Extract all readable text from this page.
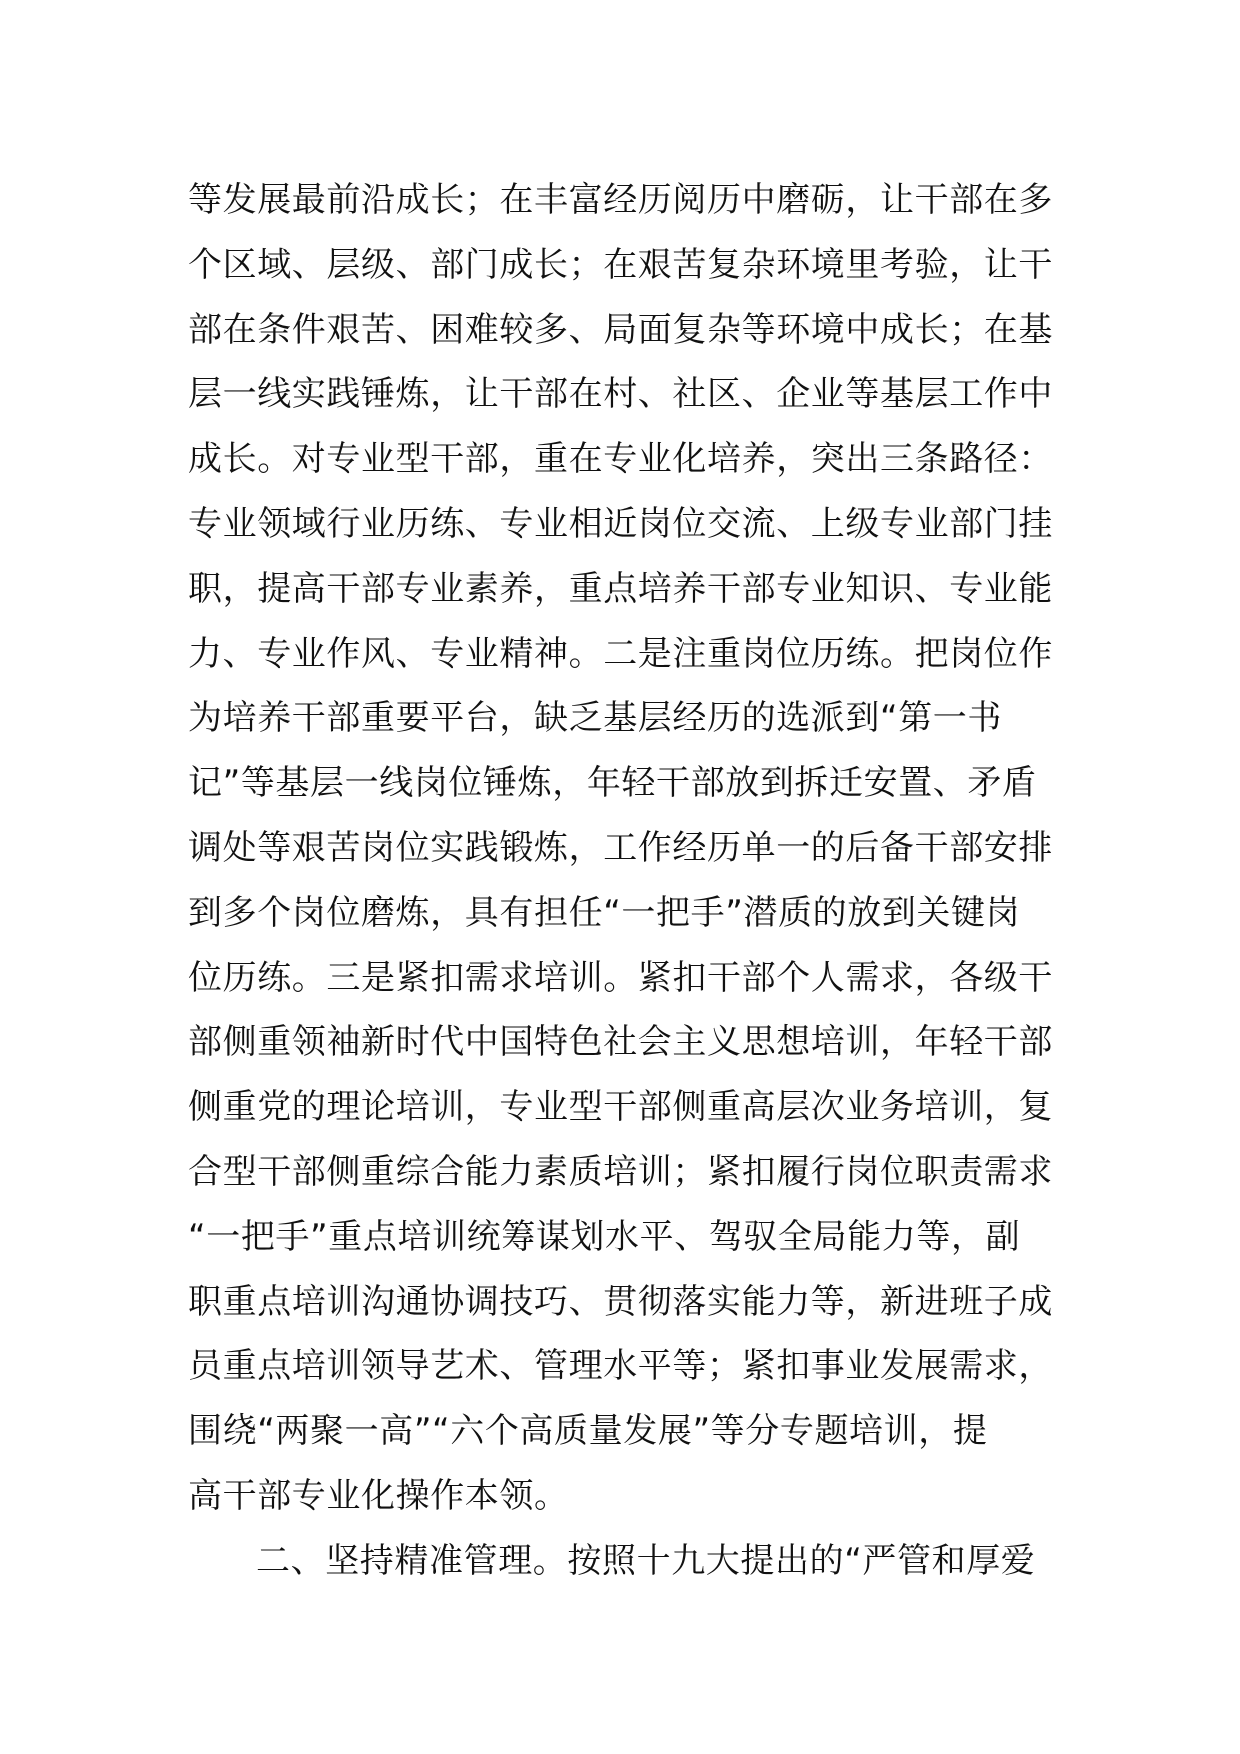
等发展最前沿成长；在丰富经历阅历中磨砺，让干部在多
个区域、层级、部门成长；在艰苦复杂环境里考验，让干
部在条件艰苦、困难较多、局面复杂等环境中成长；在基
层一线实践锤炼，让干部在村、社区、企业等基层工作中
成长。对专业型干部，重在专业化培养，突出三条路径：
专业领域行业历练、专业相近岗位交流、上级专业部门挂
职，提高干部专业素养，重点培养干部专业知识、专业能
力、专业作风、专业精神。二是注重岗位历练。把岗位作
为培养干部重要平台，缺乏基层经历的选派到“第一书
记”等基层一线岗位锤炼，年轻干部放到拆迁安置、矛盾
调处等艰苦岗位实践锻炼，工作经历单一的后备干部安排
到多个岗位磨炼，具有担任“一把手”潜质的放到关键岗
位历练。三是紧扣需求培训。紧扣干部个人需求，各级干
部侧重领袖新时代中国特色社会主义思想培训，年轻干部
侧重党的理论培训，专业型干部侧重高层次业务培训，复
合型干部侧重综合能力素质培训；紧扣履行岗位职责需求
“一把手”重点培训统筹谋划水平、驾驭全局能力等，副
职重点培训沟通协调技巧、贯彻落实能力等，新进班子成
员重点培训领导艺术、管理水平等；紧扣事业发展需求，
围绕“两聚一高”“六个高质量发展”等分专题培训，提
高干部专业化操作本领。
二、坚持精准管理。按照十九大提出的“严管和厚爱
